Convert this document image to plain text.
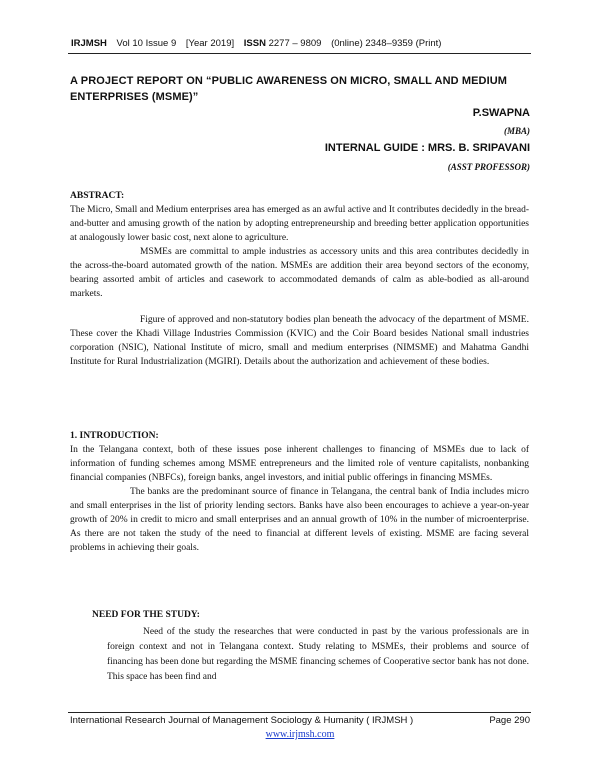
IRJMSH Vol 10 Issue 9 [Year 2019] ISSN 2277 – 9809 (0nline) 2348–9359 (Print)
A PROJECT REPORT ON “PUBLIC AWARENESS ON MICRO, SMALL AND MEDIUM ENTERPRISES (MSME)”
P.SWAPNA
(MBA)
INTERNAL GUIDE : MRS. B. SRIPAVANI
(ASST PROFESSOR)
ABSTRACT:

The Micro, Small and Medium enterprises area has emerged as an awful active and It contributes decidedly in the bread-and-butter and amusing growth of the nation by adopting entrepreneurship and breeding better application opportunities at analogously lower basic cost, next alone to agriculture.

MSMEs are committal to ample industries as accessory units and this area contributes decidedly in the across-the-board automated growth of the nation. MSMEs are addition their area beyond sectors of the economy, bearing assorted ambit of articles and casework to accommodated demands of calm as able-bodied as all-around markets.

Figure of approved and non-statutory bodies plan beneath the advocacy of the department of MSME. These cover the Khadi Village Industries Commission (KVIC) and the Coir Board besides National small industries corporation (NSIC), National Institute of micro, small and medium enterprises (NIMSME) and Mahatma Gandhi Institute for Rural Industrialization (MGIRI). Details about the authorization and achievement of these bodies.

1. INTRODUCTION:

In the Telangana context, both of these issues pose inherent challenges to financing of MSMEs due to lack of information of funding schemes among MSME entrepreneurs and the limited role of venture capitalists, nonbanking financial companies (NBFCs), foreign banks, angel investors, and initial public offerings in financing MSMEs.

The banks are the predominant source of finance in Telangana, the central bank of India includes micro and small enterprises in the list of priority lending sectors. Banks have also been encourages to achieve a year-on-year growth of 20% in credit to micro and small enterprises and an annual growth of 10% in the number of microenterprise. As there are not taken the study of the need to financial at different levels of existing. MSME are facing several problems in achieving their goals.

NEED FOR THE STUDY:

Need of the study the researches that were conducted in past by the various professionals are in foreign context and not in Telangana context. Study relating to MSMEs, their problems and source of financing has been done but regarding the MSME financing schemes of Cooperative sector bank has not done. This space has been find and

International Research Journal of Management Sociology & Humanity ( IRJMSH )	Page 290
www.irjmsh.com
